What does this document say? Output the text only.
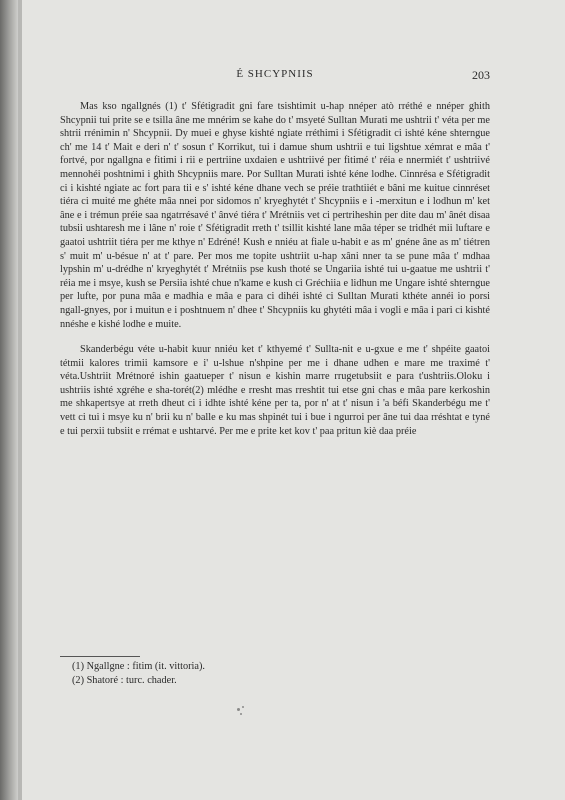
É SHCYPNIIS	203

Mas kso ngallgnés (1) t' Sfétigradit gni fare tsishtimit u-hap nnéper atò rréthé e nnéper ghith Shcypnii tui prite se e tsilla âne me mnérim se kahe do t' msyeté Sulltan Murati me ushtrii t' véta per me shtrii rrénimin n' Shcypnii. Dy muei e ghyse kishté ngiate rréthimi i Sfétigradit ci ishté kéne shterngue ch' me 14 t' Mait e deri n' t' sosun t' Korrikut, tui i damue shum ushtrii e tui ligshtue xémrat e mâa t' fortvé, por ngallgna e fitimi i rii e pertriine uxdaien e ushtriivé per fitimé t' réia e nnermiét t' ushtriivé mennohéi poshtnimi i ghith Shcypniis mare. Por Sulltan Murati ishté kéne lodhe. Cinnrésa e Sfétigradit ci i kishté ngiate ac fort para tii e s' ishté kéne dhane vech se préie trathtiiét e bâni me kuitue cinnréset tiéra ci muité me ghéte mâa nnei por sidomos n' kryeghytét t' Shcypniis e i -merxitun e i lodhun m' ket âne e i trémun préie saa ngatrrésavé t' ânvé tiéra t' Mrétniis vet ci pertriheshin per dite dau m' ânét disaa tubsii ushtaresh me i lâne n' roie t' Sfétigradit rreth t' tsillit kishté lane mâa téper se tridhét mii luftare e gaatoi ushtriit tiéra per me kthye n' Edréné! Kush e nniéu at fiale u-habit e as m' gnéne âne as m' tiétren s' muit m' u-bésue n' at t' pare. Per mos me topite ushtriit u-hap xâni nner ta se pune mâa t' mdhaa lypshin m' u-drédhe n' kryeghytét t' Mrétniis pse kush thoté se Ungariia ishté tui u-gaatue me ushtrii t' réia me i msye, kush se Persiia ishté chue n'kame e kush ci Gréchiia e lidhun me Ungare ishté shterngue per lufte, por puna mâa e madhia e mâa e para ci dihéi ishté ci Sulltan Murati kthéte annéi io porsi ngall-gnyes, por i muitun e i poshtnuem n' dhee t' Shcypniis ku ghytéti mâa i vogli e mâa i pari ci kishté nnéshe e kishé lodhe e muite.

Skanderbégu véte u-habit kuur nniéu ket t' kthyemé t' Sullta-nit e u-gxue e me t' shpéite gaatoi tétmii kalores trimii kamsore e i' u-lshue n'shpine per me i dhane udhen e mare me traximé t' véta.Ushtriit Mrétnoré ishin gaatueper t' nisun e kishin marre rrugetubsiit e para t'ushtriis.Oloku i ushtriis ishté xgréhe e sha-torét(2) mlédhe e rresht mas rreshtit tui etse gni chas e mâa pare kerkoshin me shkapertsye at rreth dheut ci i idhte ishté kéne per ta, por n' at t' nisun i 'a béfi Skanderbégu me t' vett ci tui i msye ku n' brii ku n' balle e ku mas shpinét tui i bue i ngurroi per âne tui daa rréshtat e tyné e tui perxii tubsiit e rrémat e ushtarvé. Per me e prite ket kov t' paa pritun kiè daa préie

(1) Ngallgne : fitim (it. vittoria).

(2) Shatoré : turc. chader.
